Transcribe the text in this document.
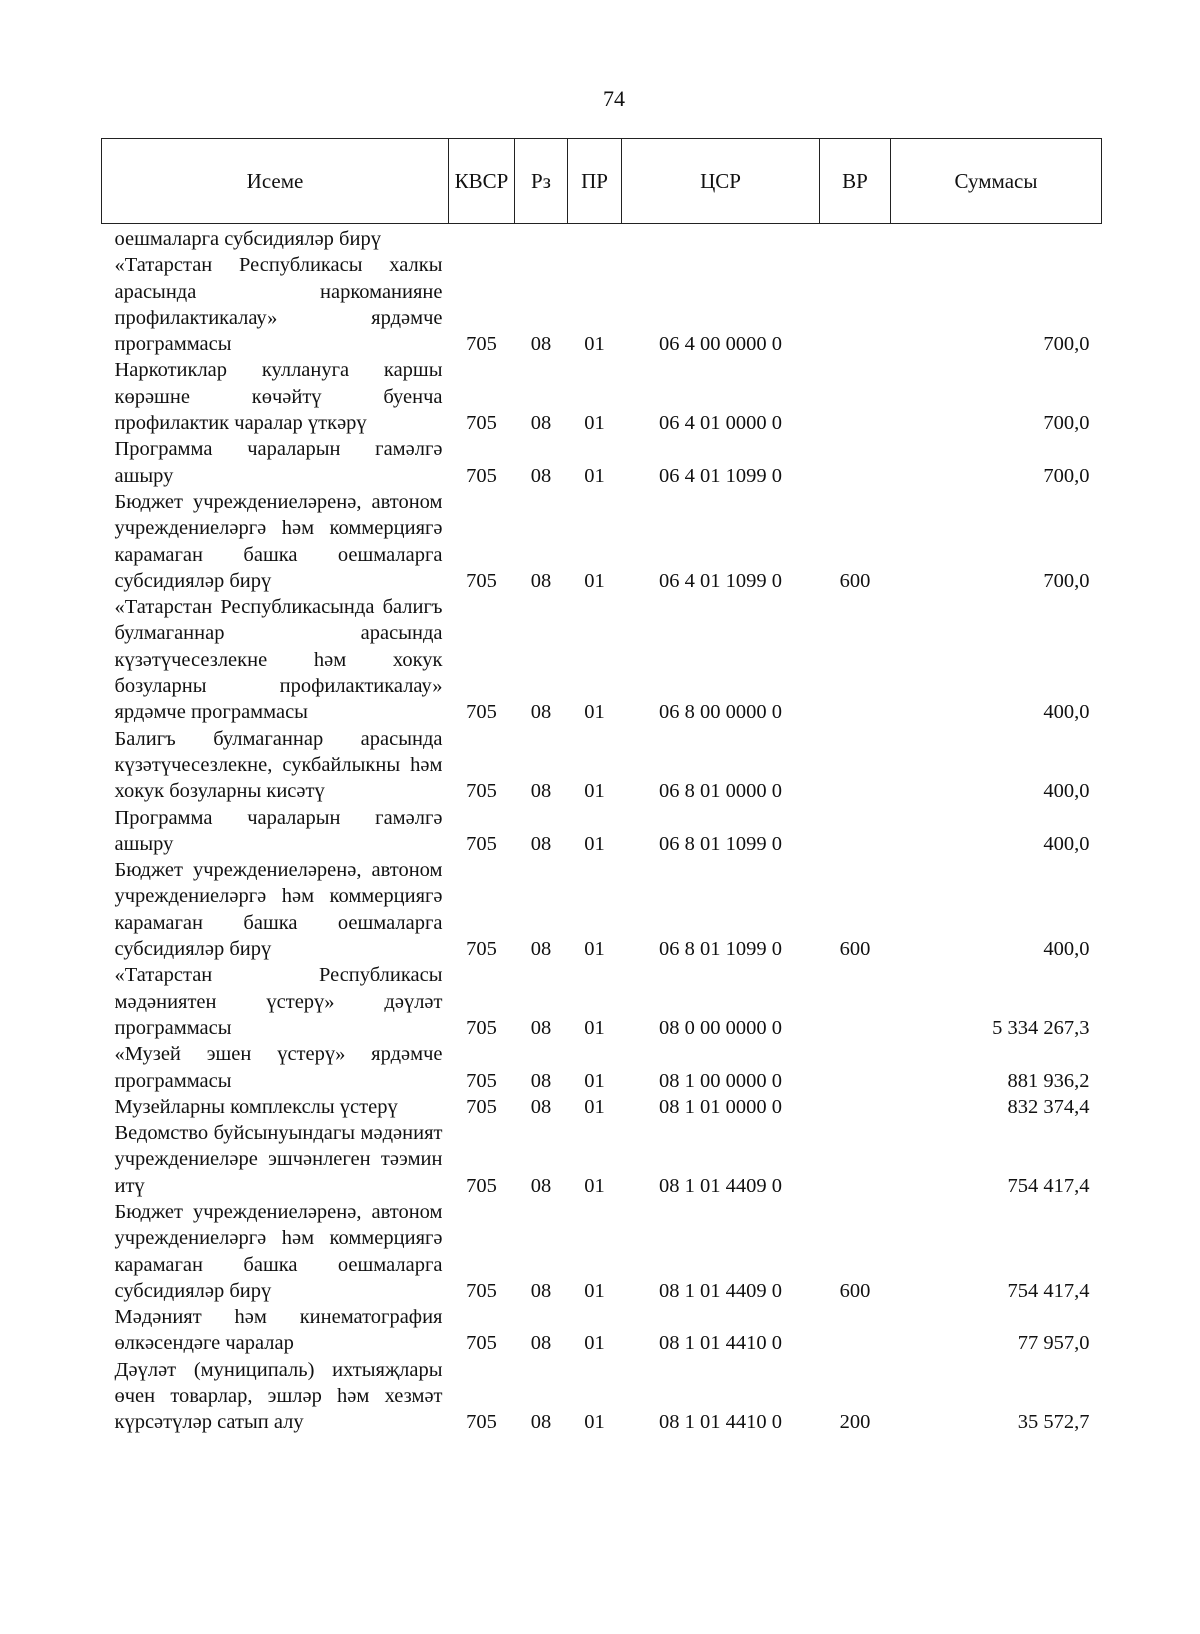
74
Исеме	КВСР	Рз	ПР	ЦСР	ВР	Суммасы
оешмаларга субсидияләр бирү						
«Татарстан Республикасы халкы арасында наркоманияне профилактикалау» ярдәмче программасы	705	08	01	06 4 00 0000 0		700,0
Наркотиклар куллануга каршы көрәшне көчәйтү буенча профилактик чаралар үткәрү	705	08	01	06 4 01 0000 0		700,0
Программа чараларын гамәлгә ашыру	705	08	01	06 4 01 1099 0		700,0
Бюджет учреждениеләренә, автоном учреждениеләргә һәм коммерциягә карамаган башка оешмаларга субсидияләр бирү	705	08	01	06 4 01 1099 0	600	700,0
«Татарстан Республикасында балигъ булмаганнар арасында күзәтүчесезлекне һәм хокук бозуларны профилактикалау» ярдәмче программасы	705	08	01	06 8 00 0000 0		400,0
Балигъ булмаганнар арасында күзәтүчесезлекне, сукбайлыкны һәм хокук бозуларны кисәтү	705	08	01	06 8 01 0000 0		400,0
Программа чараларын гамәлгә ашыру	705	08	01	06 8 01 1099 0		400,0
Бюджет учреждениеләренә, автоном учреждениеләргә һәм коммерциягә карамаган башка оешмаларга субсидияләр бирү	705	08	01	06 8 01 1099 0	600	400,0
«Татарстан Республикасы мәдəниятен үстерү» дәүләт программасы	705	08	01	08 0 00 0000 0		5 334 267,3
«Музей эшен үстерү» ярдәмче программасы	705	08	01	08 1 00 0000 0		881 936,2
Музейларны комплекслы үстерү	705	08	01	08 1 01 0000 0		832 374,4
Ведомство буйсынуындагы мәдәният учреждениеләре эшчәнлеген тәэмин итү	705	08	01	08 1 01 4409 0		754 417,4
Бюджет учреждениеләренә, автоном учреждениеләргә һәм коммерциягә карамаган башка оешмаларга субсидияләр бирү	705	08	01	08 1 01 4409 0	600	754 417,4
Мәдәният һәм кинематография өлкәсендәге чаралар	705	08	01	08 1 01 4410 0		77 957,0
Дәүләт (муниципаль) ихтыяҗлары өчен товарлар, эшләр һәм хезмәт күрсәтүләр сатып алу	705	08	01	08 1 01 4410 0	200	35 572,7
